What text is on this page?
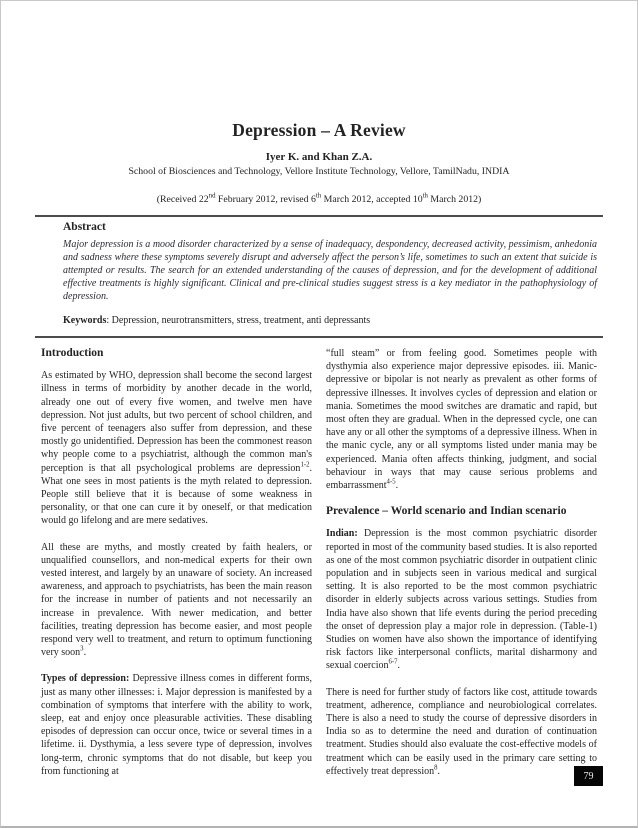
Depression – A Review
Iyer K. and Khan Z.A.
School of Biosciences and Technology, Vellore Institute Technology, Vellore, TamilNadu, INDIA
(Received 22nd February 2012, revised 6th March 2012, accepted 10th March 2012)
Abstract
Major depression is a mood disorder characterized by a sense of inadequacy, despondency, decreased activity, pessimism, anhedonia and sadness where these symptoms severely disrupt and adversely affect the person’s life, sometimes to such an extent that suicide is attempted or results. The search for an extended understanding of the causes of depression, and for the development of additional effective treatments is highly significant. Clinical and pre-clinical studies suggest stress is a key mediator in the pathophysiology of depression.
Keywords: Depression, neurotransmitters, stress, treatment, anti depressants
Introduction

As estimated by WHO, depression shall become the second largest illness in terms of morbidity by another decade in the world, already one out of every five women, and twelve men have depression. Not just adults, but two percent of school children, and five percent of teenagers also suffer from depression, and these mostly go unidentified. Depression has been the commonest reason why people come to a psychiatrist, although the common man's perception is that all psychological problems are depression$^{1-2}$. What one sees in most patients is the myth related to depression. People still believe that it is because of some weakness in personality, or that one can cure it by oneself, or that medication would go lifelong and are mere sedatives.

All these are myths, and mostly created by faith healers, or unqualified counsellors, and non-medical experts for their own vested interest, and largely by an unaware of society. An increased awareness, and approach to psychiatrists, has been the main reason for the increase in number of patients and not necessarily an increase in prevalence. With newer medication, and better facilities, treating depression has become easier, and most people respond very well to treatment, and return to optimum functioning very soon$^3$.

Types of depression: Depressive illness comes in different forms, just as many other illnesses: i. Major depression is manifested by a combination of symptoms that interfere with the ability to work, sleep, eat and enjoy once pleasurable activities. These disabling episodes of depression can occur once, twice or several times in a lifetime. ii. Dysthymia, a less severe type of depression, involves long-term, chronic symptoms that do not disable, but keep you from functioning at

“full steam” or from feeling good. Sometimes people with dysthymia also experience major depressive episodes. iii. Manic-depressive or bipolar is not nearly as prevalent as other forms of depressive illnesses. It involves cycles of depression and elation or mania. Sometimes the mood switches are dramatic and rapid, but most often they are gradual. When in the depressed cycle, one can have any or all other the symptoms of a depressive illness. When in the manic cycle, any or all symptoms listed under mania may be experienced. Mania often affects thinking, judgment, and social behaviour in ways that may cause serious problems and embarrassment$^{4-5}$.

Prevalence – World scenario and Indian scenario

Indian: Depression is the most common psychiatric disorder reported in most of the community based studies. It is also reported as one of the most common psychiatric disorder in outpatient clinic population and in subjects seen in various medical and surgical setting. It is also reported to be the most common psychiatric disorder in elderly subjects across various settings. Studies from India have also shown that life events during the period preceding the onset of depression play a major role in depression. (Table-1) Studies on women have also shown the importance of identifying risk factors like interpersonal conflicts, marital disharmony and sexual coercion$^{6-7}$.

There is need for further study of factors like cost, attitude towards treatment, adherence, compliance and neurobiological correlates. There is also a need to study the course of depressive disorders in India so as to determine the need and duration of continuation treatment. Studies should also evaluate the cost-effective models of treatment which can be easily used in the primary care setting to effectively treat depression$^8$.	79
